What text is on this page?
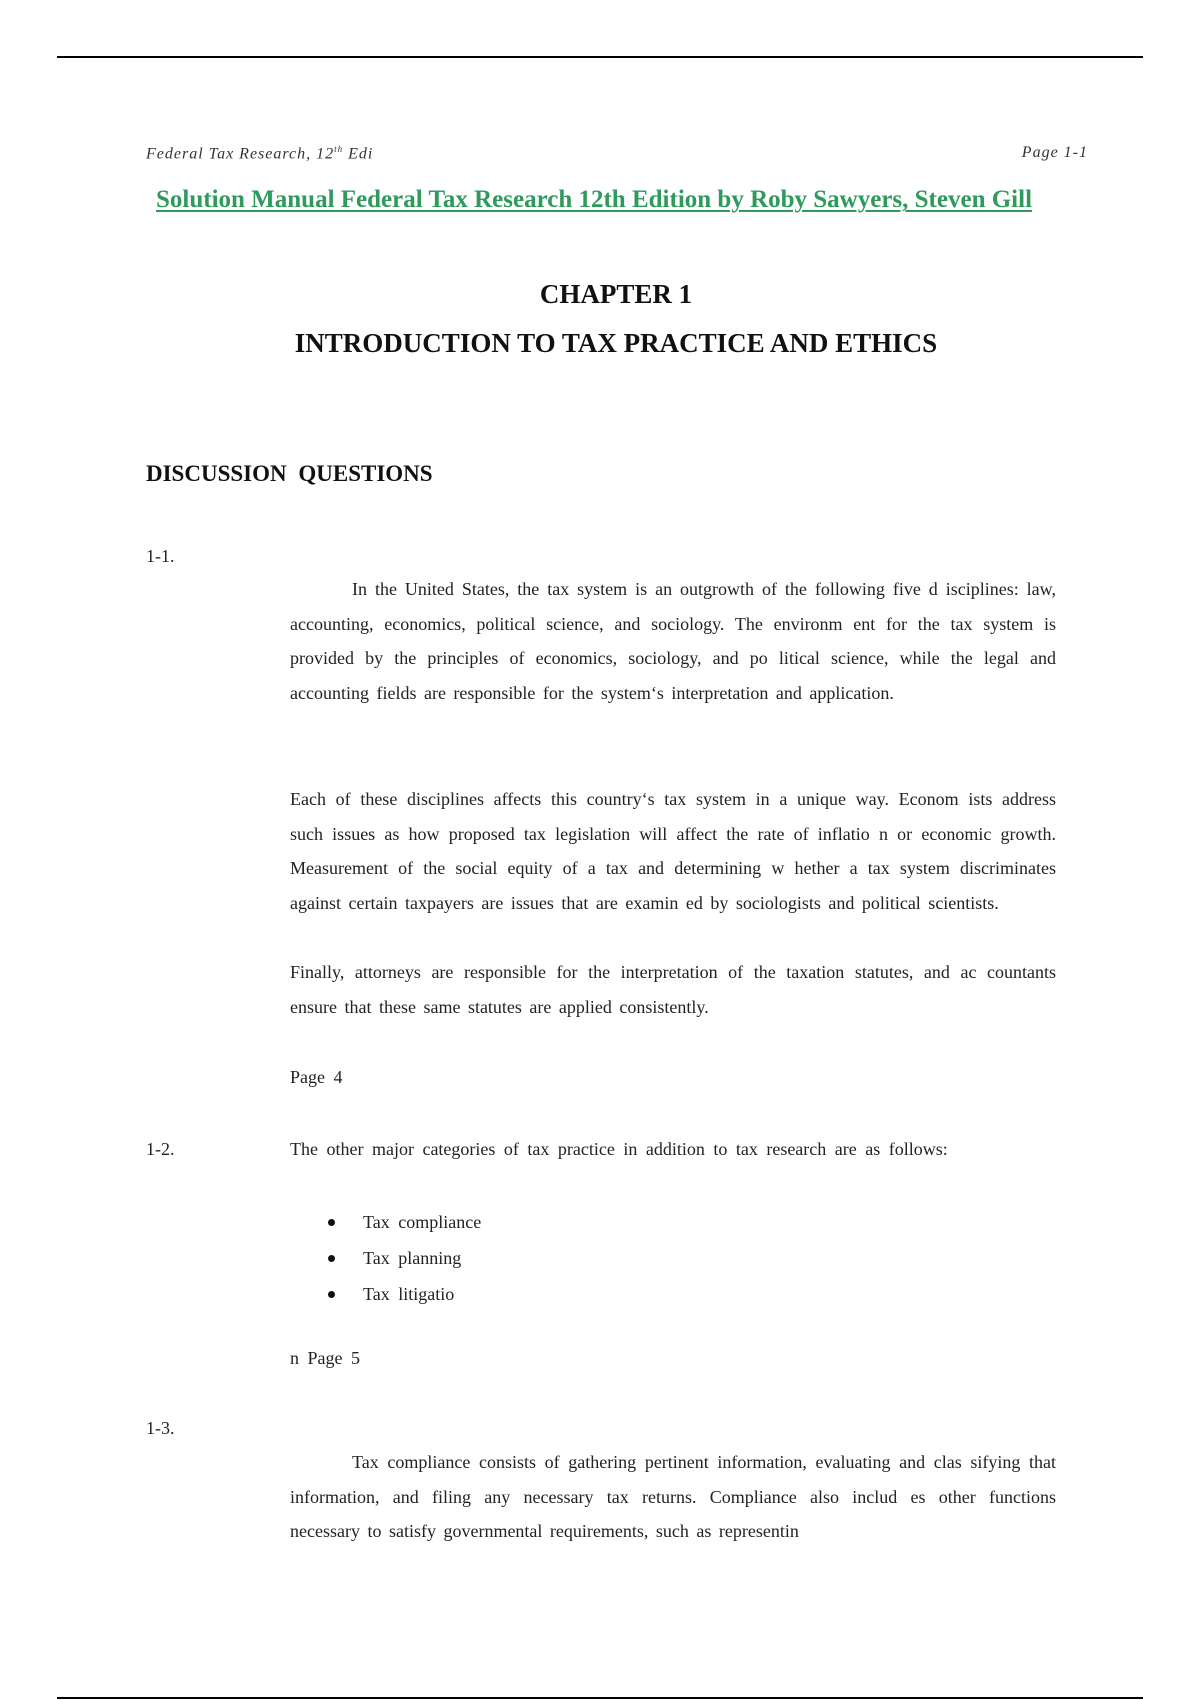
Federal Tax Research, 12th Edi	Page 1-1
Solution Manual Federal Tax Research 12th Edition by Roby Sawyers, Steven Gill
CHAPTER 1
INTRODUCTION TO TAX PRACTICE AND ETHICS
DISCUSSION QUESTIONS
1-1.
In the United States, the tax system is an outgrowth of the following five d isciplines: law, accounting, economics, political science, and sociology. The environm ent for the tax system is provided by the principles of economics, sociology, and po litical science, while the legal and accounting fields are responsible for the system‘s interpretation and application.
Each of these disciplines affects this country‘s tax system in a unique way. Econom ists address such issues as how proposed tax legislation will affect the rate of inflatio n or economic growth. Measurement of the social equity of a tax and determining w hether a tax system discriminates against certain taxpayers are issues that are examin ed by sociologists and political scientists.
Finally, attorneys are responsible for the interpretation of the taxation statutes, and ac countants ensure that these same statutes are applied consistently.
Page 4
1-2.	The other major categories of tax practice in addition to tax research are as follows:
Tax compliance
Tax planning
Tax litigatio
n Page 5
1-3.
Tax compliance consists of gathering pertinent information, evaluating and clas sifying that information, and filing any necessary tax returns. Compliance also includ es other functions necessary to satisfy governmental requirements, such as representin
